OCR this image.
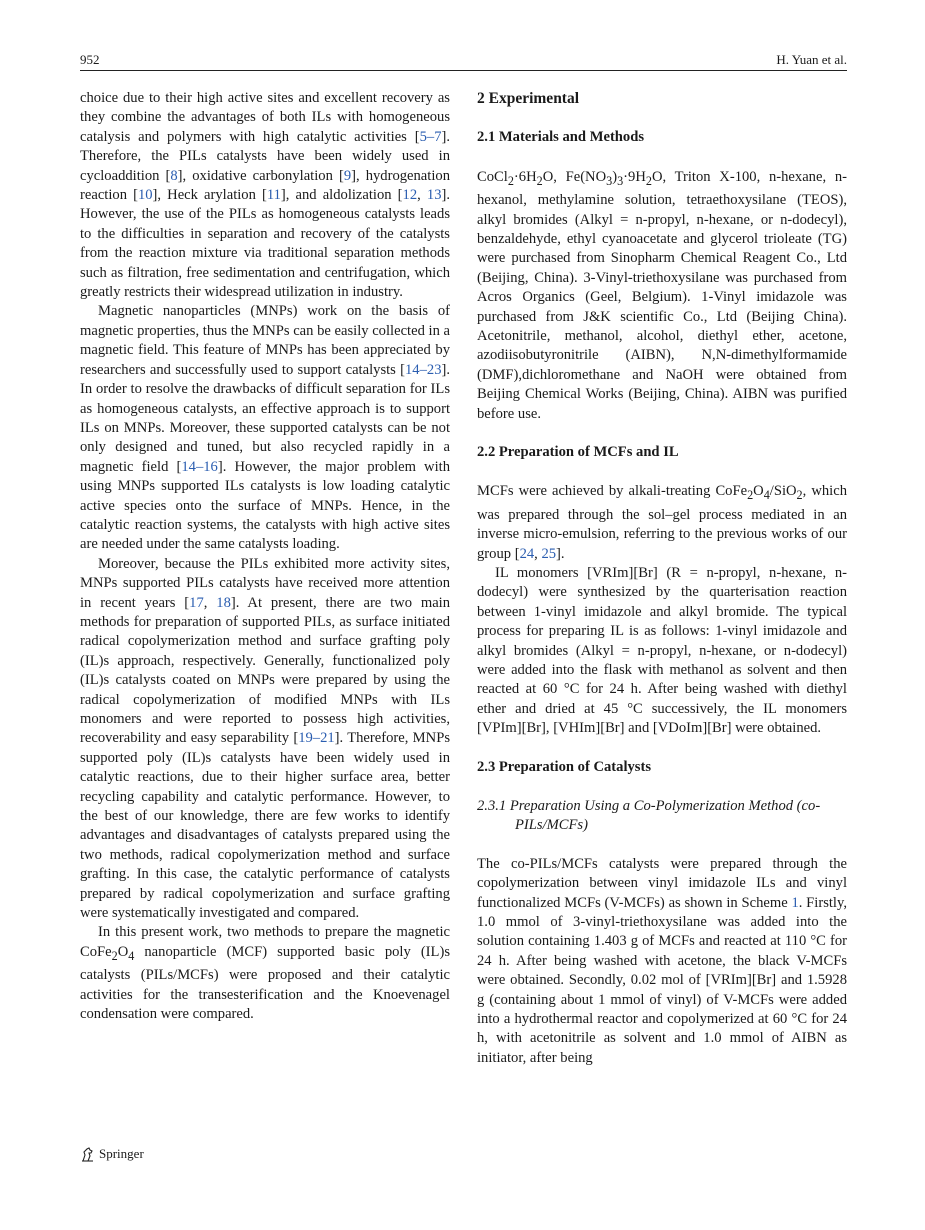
952	H. Yuan et al.

choice due to their high active sites and excellent recovery as they combine the advantages of both ILs with homogeneous catalysis and polymers with high catalytic activities [5–7]. Therefore, the PILs catalysts have been widely used in cycloaddition [8], oxidative carbonylation [9], hydrogenation reaction [10], Heck arylation [11], and aldolization [12, 13]. However, the use of the PILs as homogeneous catalysts leads to the difficulties in separation and recovery of the catalysts from the reaction mixture via traditional separation methods such as filtration, free sedimentation and centrifugation, which greatly restricts their widespread utilization in industry.

Magnetic nanoparticles (MNPs) work on the basis of magnetic properties, thus the MNPs can be easily collected in a magnetic field. This feature of MNPs has been appreciated by researchers and successfully used to support catalysts [14–23]. In order to resolve the drawbacks of difficult separation for ILs as homogeneous catalysts, an effective approach is to support ILs on MNPs. Moreover, these supported catalysts can be not only designed and tuned, but also recycled rapidly in a magnetic field [14–16]. However, the major problem with using MNPs supported ILs catalysts is low loading catalytic active species onto the surface of MNPs. Hence, in the catalytic reaction systems, the catalysts with high active sites are needed under the same catalysts loading.

Moreover, because the PILs exhibited more activity sites, MNPs supported PILs catalysts have received more attention in recent years [17, 18]. At present, there are two main methods for preparation of supported PILs, as surface initiated radical copolymerization method and surface grafting poly (IL)s approach, respectively. Generally, functionalized poly (IL)s catalysts coated on MNPs were prepared by using the radical copolymerization of modified MNPs with ILs monomers and were reported to possess high activities, recoverability and easy separability [19–21]. Therefore, MNPs supported poly (IL)s catalysts have been widely used in catalytic reactions, due to their higher surface area, better recycling capability and catalytic performance. However, to the best of our knowledge, there are few works to identify advantages and disadvantages of catalysts prepared using the two methods, radical copolymerization method and surface grafting. In this case, the catalytic performance of catalysts prepared by radical copolymerization and surface grafting were systematically investigated and compared.

In this present work, two methods to prepare the magnetic $CoFe_2O_4$ nanoparticle (MCF) supported basic poly (IL)s catalysts (PILs/MCFs) were proposed and their catalytic activities for the transesterification and the Knoevenagel condensation were compared.

2 Experimental
2.1 Materials and Methods

$CoCl_2\cdot 6H_2O$, $Fe(NO_3)_3\cdot 9H_2O$, Triton X-100, n-hexane, n-hexanol, methylamine solution, tetraethoxysilane (TEOS), alkyl bromides (Alkyl = n-propyl, n-hexane, or n-dodecyl), benzaldehyde, ethyl cyanoacetate and glycerol trioleate (TG) were purchased from Sinopharm Chemical Reagent Co., Ltd (Beijing, China). 3-Vinyl-triethoxysilane was purchased from Acros Organics (Geel, Belgium). 1-Vinyl imidazole was purchased from J&K scientific Co., Ltd (Beijing China). Acetonitrile, methanol, alcohol, diethyl ether, acetone, azodiisobutyronitrile (AIBN), N,N-dimethylformamide (DMF),dichloromethane and NaOH were obtained from Beijing Chemical Works (Beijing, China). AIBN was purified before use.

2.2 Preparation of MCFs and IL

MCFs were achieved by alkali-treating $CoFe_2O_4/SiO_2$, which was prepared through the sol–gel process mediated in an inverse micro-emulsion, referring to the previous works of our group [24, 25].

IL monomers [VRIm][Br] (R = n-propyl, n-hexane, n-dodecyl) were synthesized by the quarterisation reaction between 1-vinyl imidazole and alkyl bromide. The typical process for preparing IL is as follows: 1-vinyl imidazole and alkyl bromides (Alkyl = n-propyl, n-hexane, or n-dodecyl) were added into the flask with methanol as solvent and then reacted at 60 °C for 24 h. After being washed with diethyl ether and dried at 45 °C successively, the IL monomers [VPIm][Br], [VHIm][Br] and [VDoIm][Br] were obtained.

2.3 Preparation of Catalysts
2.3.1 Preparation Using a Co-Polymerization Method (co-PILs/MCFs)

The co-PILs/MCFs catalysts were prepared through the copolymerization between vinyl imidazole ILs and vinyl functionalized MCFs (V-MCFs) as shown in Scheme 1. Firstly, 1.0 mmol of 3-vinyl-triethoxysilane was added into the solution containing 1.403 g of MCFs and reacted at 110 °C for 24 h. After being washed with acetone, the black V-MCFs were obtained. Secondly, 0.02 mol of [VRIm][Br] and 1.5928 g (containing about 1 mmol of vinyl) of V-MCFs were added into a hydrothermal reactor and copolymerized at 60 °C for 24 h, with acetonitrile as solvent and 1.0 mmol of AIBN as initiator, after being

Springer
